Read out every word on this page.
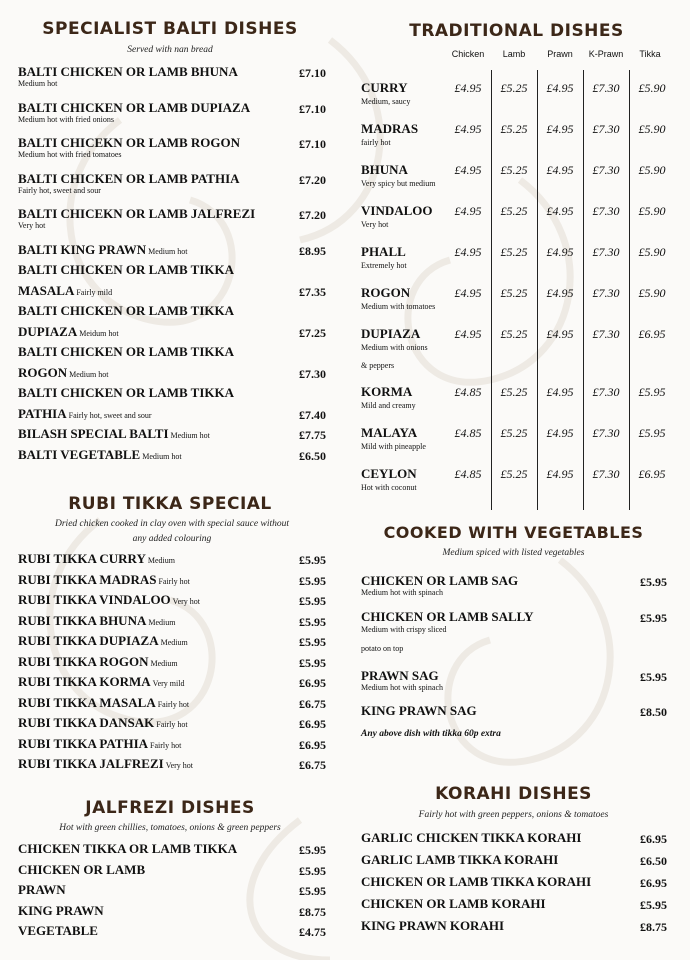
SPECIALIST BALTI DISHES
Served with nan bread
BALTI CHICKEN OR LAMB BHUNA
Medium hot
£7.10
BALTI CHICKEN OR LAMB DUPIAZA
Medium hot with fried onions
£7.10
BALTI CHICEKN OR LAMB ROGON
Medium hot with fried tomatoes
£7.10
BALTI CHICKEN OR LAMB PATHIA
Fairly hot, sweet and sour
£7.20
BALTI CHICEKN OR LAMB JALFREZI
Very hot
£7.20
BALTI KING PRAWN Medium hot	£8.95
BALTI CHICKEN OR LAMB TIKKA
MASALA Fairly mild	£7.35
BALTI CHICKEN OR LAMB TIKKA
DUPIAZA Meidum hot	£7.25
BALTI CHICKEN OR LAMB TIKKA
ROGON Medium hot	£7.30
BALTI CHICKEN OR LAMB TIKKA
PATHIA Fairly hot, sweet and sour	£7.40
BILASH SPECIAL BALTI Medium hot	£7.75
BALTI VEGETABLE Medium hot	£6.50
RUBI TIKKA SPECIAL
Dried chicken cooked in clay oven with special sauce without
any added colouring
RUBI TIKKA CURRY Medium	£5.95
RUBI TIKKA MADRAS Fairly hot	£5.95
RUBI TIKKA VINDALOO Very hot	£5.95
RUBI TIKKA BHUNA Medium	£5.95
RUBI TIKKA DUPIAZA Medium	£5.95
RUBI TIKKA ROGON Medium	£5.95
RUBI TIKKA KORMA Very mild	£6.95
RUBI TIKKA MASALA Fairly hot	£6.75
RUBI TIKKA DANSAK Fairly hot	£6.95
RUBI TIKKA PATHIA Fairly hot	£6.95
RUBI TIKKA JALFREZI Very hot	£6.75
JALFREZI DISHES
Hot with green chillies, tomatoes, onions & green peppers
CHICKEN TIKKA OR LAMB TIKKA	£5.95
CHICKEN OR LAMB	£5.95
PRAWN	£5.95
KING PRAWN	£8.75
VEGETABLE	£4.75
TRADITIONAL DISHES
Chicken	Lamb	Prawn	K-Prawn	Tikka
CURRY
Medium, saucy
£4.95	£5.25	£4.95	£7.30	£5.90
MADRAS
fairly hot
£4.95	£5.25	£4.95	£7.30	£5.90
BHUNA
Very spicy but medium
£4.95	£5.25	£4.95	£7.30	£5.90
VINDALOO
Very hot
£4.95	£5.25	£4.95	£7.30	£5.90
PHALL
Extremely hot
£4.95	£5.25	£4.95	£7.30	£5.90
ROGON
Medium with tomatoes
£4.95	£5.25	£4.95	£7.30	£5.90
DUPIAZA
Medium with onions
& peppers
£4.95	£5.25	£4.95	£7.30	£6.95
KORMA
Mild and creamy
£4.85	£5.25	£4.95	£7.30	£5.95
MALAYA
Mild with pineapple
£4.85	£5.25	£4.95	£7.30	£5.95
CEYLON
Hot with coconut
£4.85	£5.25	£4.95	£7.30	£6.95
COOKED WITH VEGETABLES
Medium spiced with listed vegetables
CHICKEN OR LAMB SAG
Medium hot with spinach
£5.95
CHICKEN OR LAMB SALLY
Medium with crispy sliced
potato on top
£5.95
PRAWN SAG
Medium hot with spinach
£5.95
KING PRAWN SAG	£8.50
Any above dish with tikka 60p extra
KORAHI DISHES
Fairly hot with green peppers, onions & tomatoes
GARLIC CHICKEN TIKKA KORAHI	£6.95
GARLIC LAMB TIKKA KORAHI	£6.50
CHICKEN OR LAMB TIKKA KORAHI	£6.95
CHICKEN OR LAMB KORAHI	£5.95
KING PRAWN KORAHI	£8.75
